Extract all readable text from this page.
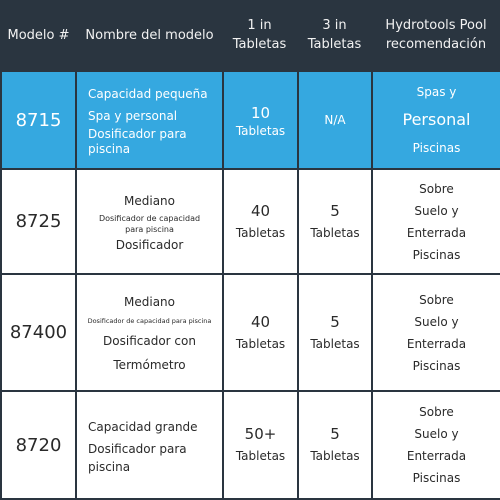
Modelo # Nombre del modelo
1 in
Tabletas
3 in
Tabletas
Hydrotools Pool
recomendación
8715
Capacidad pequeña
Spa y personal
Dosificador para
piscina
10
Tabletas
N/A
Spas y
Personal
Piscinas
8725
Mediano
Dosificador de capacidad
para piscina
Dosificador
40
Tabletas
5
Tabletas
Sobre
Suelo y
Enterrada
Piscinas
87400
Mediano
Dosificador de capacidad para piscina
Dosificador con
Termómetro
40
Tabletas
5
Tabletas
Sobre
Suelo y
Enterrada
Piscinas
8720
Capacidad grande
Dosificador para
piscina
50+
Tabletas
5
Tabletas
Sobre
Suelo y
Enterrada
Piscinas
